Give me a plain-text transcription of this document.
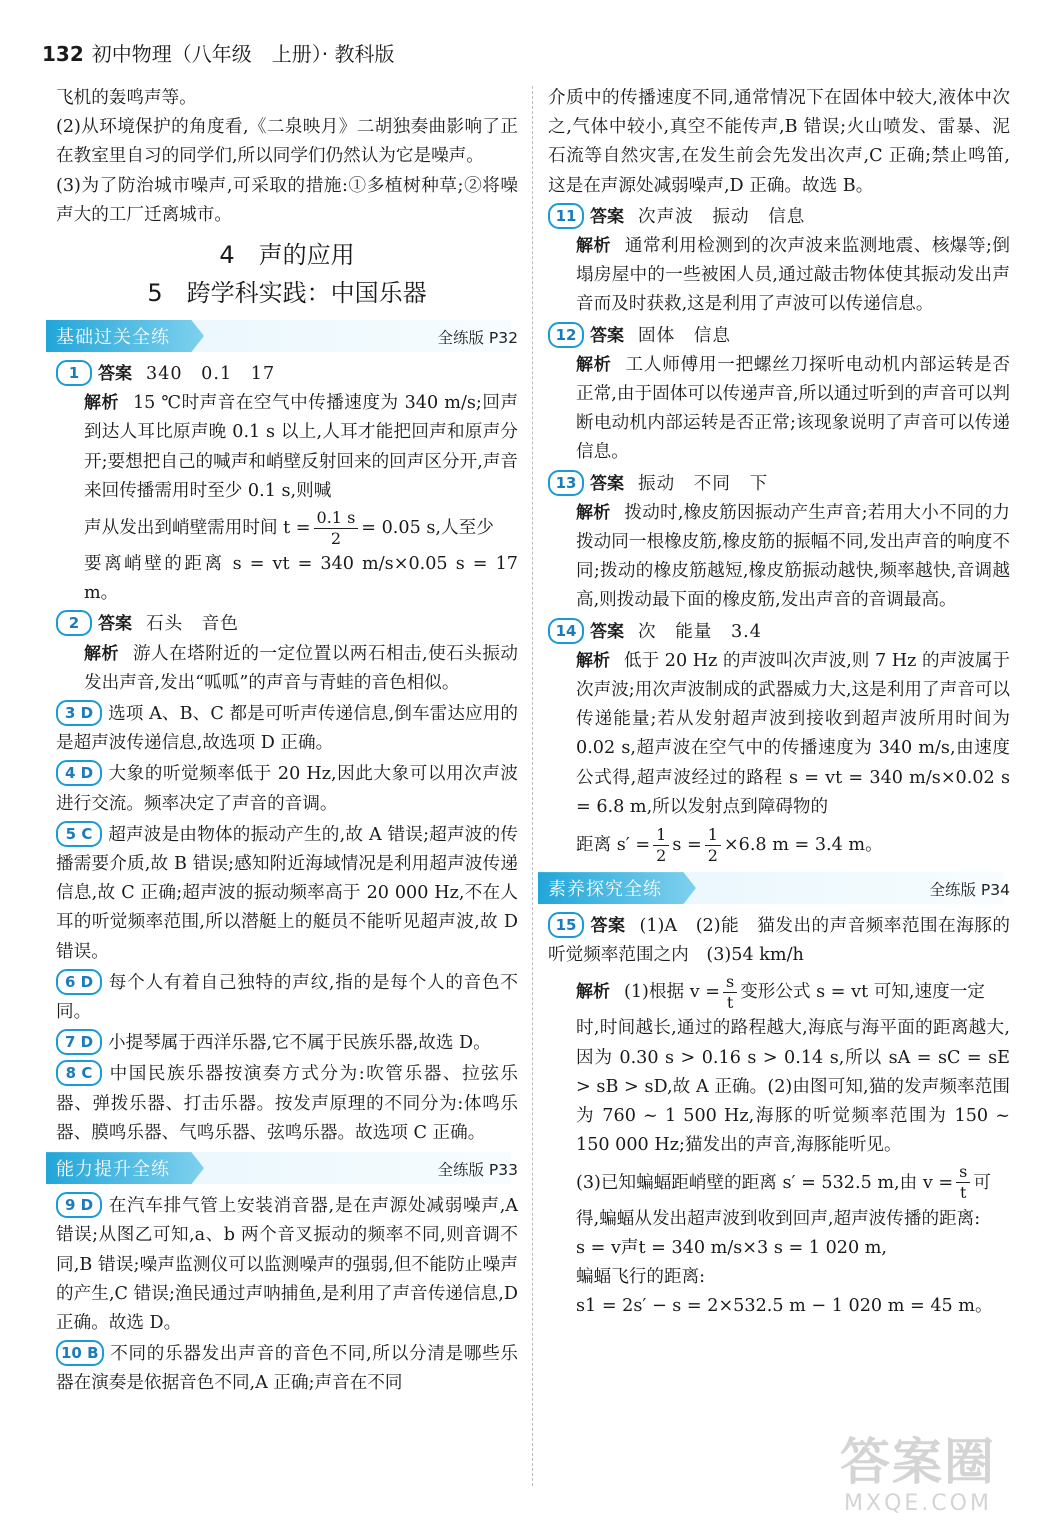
132 初中物理（八年级　上册）· 教科版

飞机的轰鸣声等。

(2)从环境保护的角度看,《二泉映月》二胡独奏曲影响了正在教室里自习的同学们,所以同学们仍然认为它是噪声。

(3)为了防治城市噪声,可采取的措施:①多植树种草;②将噪声大的工厂迁离城市。

4　声的应用

5　跨学科实践：中国乐器

基础过关全练	全练版 P32

1 答案 340　0.1　17

解析 15 ℃时声音在空气中传播速度为 340 m/s;回声到达人耳比原声晚 0.1 s 以上,人耳才能把回声和原声分开;要想把自己的喊声和峭壁反射回来的回声区分开,声音来回传播需用时至少 0.1 s,则喊

声从发出到峭壁需用时间 $t = \frac{0.1 s}{2} = 0.05$ s,人至少

要离峭壁的距离 s = vt = 340 m/s×0.05 s = 17 m。

2 答案 石头　音色

解析 游人在塔附近的一定位置以两石相击,使石头振动发出声音,发出“呱呱”的声音与青蛙的音色相似。

3 D 选项 A、B、C 都是可听声传递信息,倒车雷达应用的是超声波传递信息,故选项 D 正确。

4 D 大象的听觉频率低于 20 Hz,因此大象可以用次声波进行交流。频率决定了声音的音调。

5 C 超声波是由物体的振动产生的,故 A 错误;超声波的传播需要介质,故 B 错误;感知附近海域情况是利用超声波传递信息,故 C 正确;超声波的振动频率高于 20 000 Hz,不在人耳的听觉频率范围,所以潜艇上的艇员不能听见超声波,故 D 错误。

6 D 每个人有着自己独特的声纹,指的是每个人的音色不同。

7 D 小提琴属于西洋乐器,它不属于民族乐器,故选 D。

8 C 中国民族乐器按演奏方式分为:吹管乐器、拉弦乐器、弹拨乐器、打击乐器。按发声原理的不同分为:体鸣乐器、膜鸣乐器、气鸣乐器、弦鸣乐器。故选项 C 正确。

能力提升全练	全练版 P33

9 D 在汽车排气管上安装消音器,是在声源处减弱噪声,A 错误;从图乙可知,a、b 两个音叉振动的频率不同,则音调不同,B 错误;噪声监测仪可以监测噪声的强弱,但不能防止噪声的产生,C 错误;渔民通过声呐捕鱼,是利用了声音传递信息,D 正确。故选 D。

10 B 不同的乐器发出声音的音色不同,所以分清是哪些乐器在演奏是依据音色不同,A 正确;声音在不同

介质中的传播速度不同,通常情况下在固体中较大,液体中次之,气体中较小,真空不能传声,B 错误;火山喷发、雷暴、泥石流等自然灾害,在发生前会先发出次声,C 正确;禁止鸣笛,这是在声源处减弱噪声,D 正确。故选 B。

11 答案 次声波　振动　信息

解析 通常利用检测到的次声波来监测地震、核爆等;倒塌房屋中的一些被困人员,通过敲击物体使其振动发出声音而及时获救,这是利用了声波可以传递信息。

12 答案 固体　信息

解析 工人师傅用一把螺丝刀探听电动机内部运转是否正常,由于固体可以传递声音,所以通过听到的声音可以判断电动机内部运转是否正常;该现象说明了声音可以传递信息。

13 答案 振动　不同　下

解析 拨动时,橡皮筋因振动产生声音;若用大小不同的力拨动同一根橡皮筋,橡皮筋的振幅不同,发出声音的响度不同;拨动的橡皮筋越短,橡皮筋振动越快,频率越快,音调越高,则拨动最下面的橡皮筋,发出声音的音调最高。

14 答案 次　能量　3.4

解析 低于 20 Hz 的声波叫次声波,则 7 Hz 的声波属于次声波;用次声波制成的武器威力大,这是利用了声音可以传递能量;若从发射超声波到接收到超声波所用时间为 0.02 s,超声波在空气中的传播速度为 340 m/s,由速度公式得,超声波经过的路程 s = vt = 340 m/s×0.02 s = 6.8 m,所以发射点到障碍物的

距离 $s' = \frac{1}{2}$ $s = \frac{1}{2} \times 6.8$ m = 3.4 m。

素养探究全练	全练版 P34

15 答案 (1)A　(2)能　猫发出的声音频率范围在海豚的听觉频率范围之内　(3)54 km/h

解析 (1)根据 $v = \frac{s}{t}$ 变形公式 s = vt 可知,速度一定

时,时间越长,通过的路程越大,海底与海平面的距离越大,因为 0.30 s > 0.16 s > 0.14 s,所以 sA = sC = sE > sB > sD,故 A 正确。(2)由图可知,猫的发声频率范围为 760 ~ 1 500 Hz,海豚的听觉频率范围为 150 ~ 150 000 Hz;猫发出的声音,海豚能听见。

(3)已知蝙蝠距峭壁的距离 s′ = 532.5 m,由 $v = \frac{s}{t}$ 可

得,蝙蝠从发出超声波到收到回声,超声波传播的距离:

s = v声t = 340 m/s×3 s = 1 020 m,

蝙蝠飞行的距离:

s1 = 2s′ − s = 2×532.5 m − 1 020 m = 45 m。

答案圈
MXQE.COM
